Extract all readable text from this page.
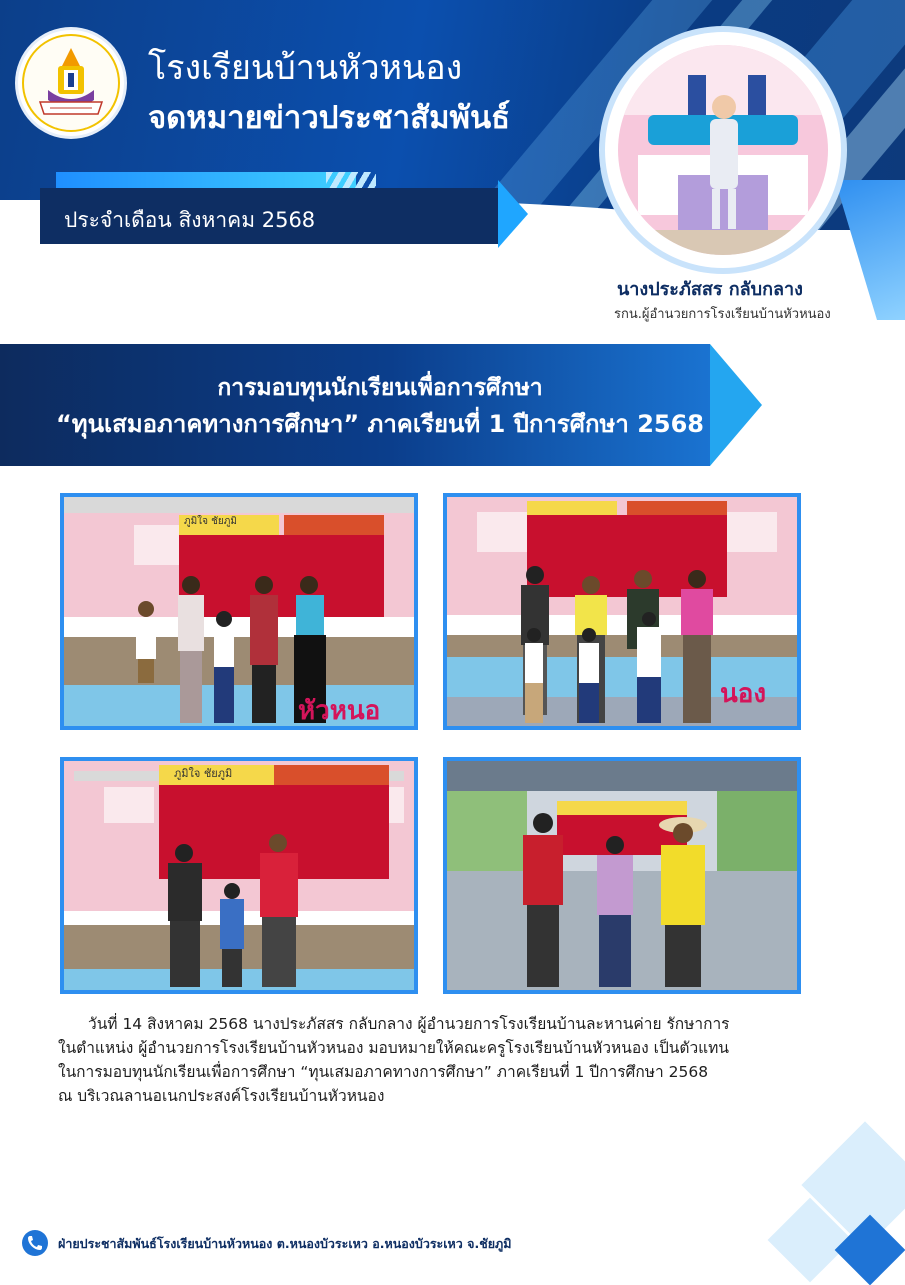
โรงเรียนบ้านหัวหนอง
จดหมายข่าวประชาสัมพันธ์
ประจำเดือน สิงหาคม 2568
นางประภัสสร กลับกลาง
รกน.ผู้อำนวยการโรงเรียนบ้านหัวหนอง
การมอบทุนนักเรียนเพื่อการศึกษา
“ทุนเสมอภาคทางการศึกษา” ภาคเรียนที่ 1 ปีการศึกษา 2568
ภูมิใจ ชัยภูมิ
หัวหนอ
นอง
ภูมิใจ ชัยภูมิ

วันที่ 14 สิงหาคม 2568 นางประภัสสร กลับกลาง ผู้อำนวยการโรงเรียนบ้านละหานค่าย รักษาการ

ในตำแหน่ง ผู้อำนวยการโรงเรียนบ้านหัวหนอง มอบหมายให้คณะครูโรงเรียนบ้านหัวหนอง เป็นตัวแทน

ในการมอบทุนนักเรียนเพื่อการศึกษา “ทุนเสมอภาคทางการศึกษา” ภาคเรียนที่ 1 ปีการศึกษา 2568

ณ บริเวณลานอเนกประสงค์โรงเรียนบ้านหัวหนอง

ฝ่ายประชาสัมพันธ์โรงเรียนบ้านหัวหนอง ต.หนองบัวระเหว อ.หนองบัวระเหว จ.ชัยภูมิ
